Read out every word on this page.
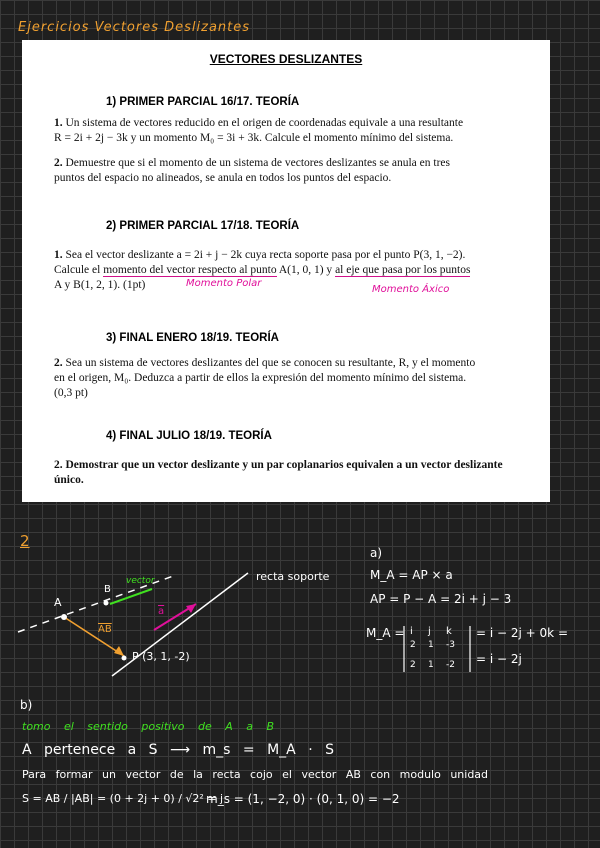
Ejercicios Vectores Deslizantes
VECTORES DESLIZANTES
1) PRIMER PARCIAL 16/17. TEORÍA
1. Un sistema de vectores reducido en el origen de coordenadas equivale a una resultante
R = 2i + 2j − 3k y un momento M₀ = 3i + 3k. Calcule el momento mínimo del sistema.
2. Demuestre que si el momento de un sistema de vectores deslizantes se anula en tres
puntos del espacio no alineados, se anula en todos los puntos del espacio.
2) PRIMER PARCIAL 17/18. TEORÍA
1. Sea el vector deslizante a = 2i + j − 2k cuya recta soporte pasa por el punto P(3, 1, −2).
Calcule el momento del vector respecto al punto A(1, 0, 1) y al eje que pasa por los puntos
A y B(1, 2, 1). (1pt)	Momento Polar
Momento Áxico
3) FINAL ENERO 18/19. TEORÍA
2. Sea un sistema de vectores deslizantes del que se conocen su resultante, R, y el momento
en el origen, M₀. Deduzca a partir de ellos la expresión del momento mínimo del sistema.
(0,3 pt)
4) FINAL JULIO 18/19. TEORÍA
2. Demostrar que un vector deslizante y un par coplanarios equivalen a un vector deslizante
único.
2
recta soporte
vector
A
B
$\overline{AB}$
$\overline{a}$
P (3, 1, -2)
a)
M_A = AP × a
AP = P − A = 2i + j − 3
M_A = i j k
2 1 -3
2 1 -2
= i − 2j + 0k =
= i − 2j
b)
tomo el sentido positivo de A a B
A pertenece a S ⟶ m_s = M_A · S
Para formar un vector de la recta cojo el vector AB con modulo unidad
S = AB / |AB| = (0 + 2j + 0) / √2² = j
m_s = (1, −2, 0) · (0, 1, 0) = −2
